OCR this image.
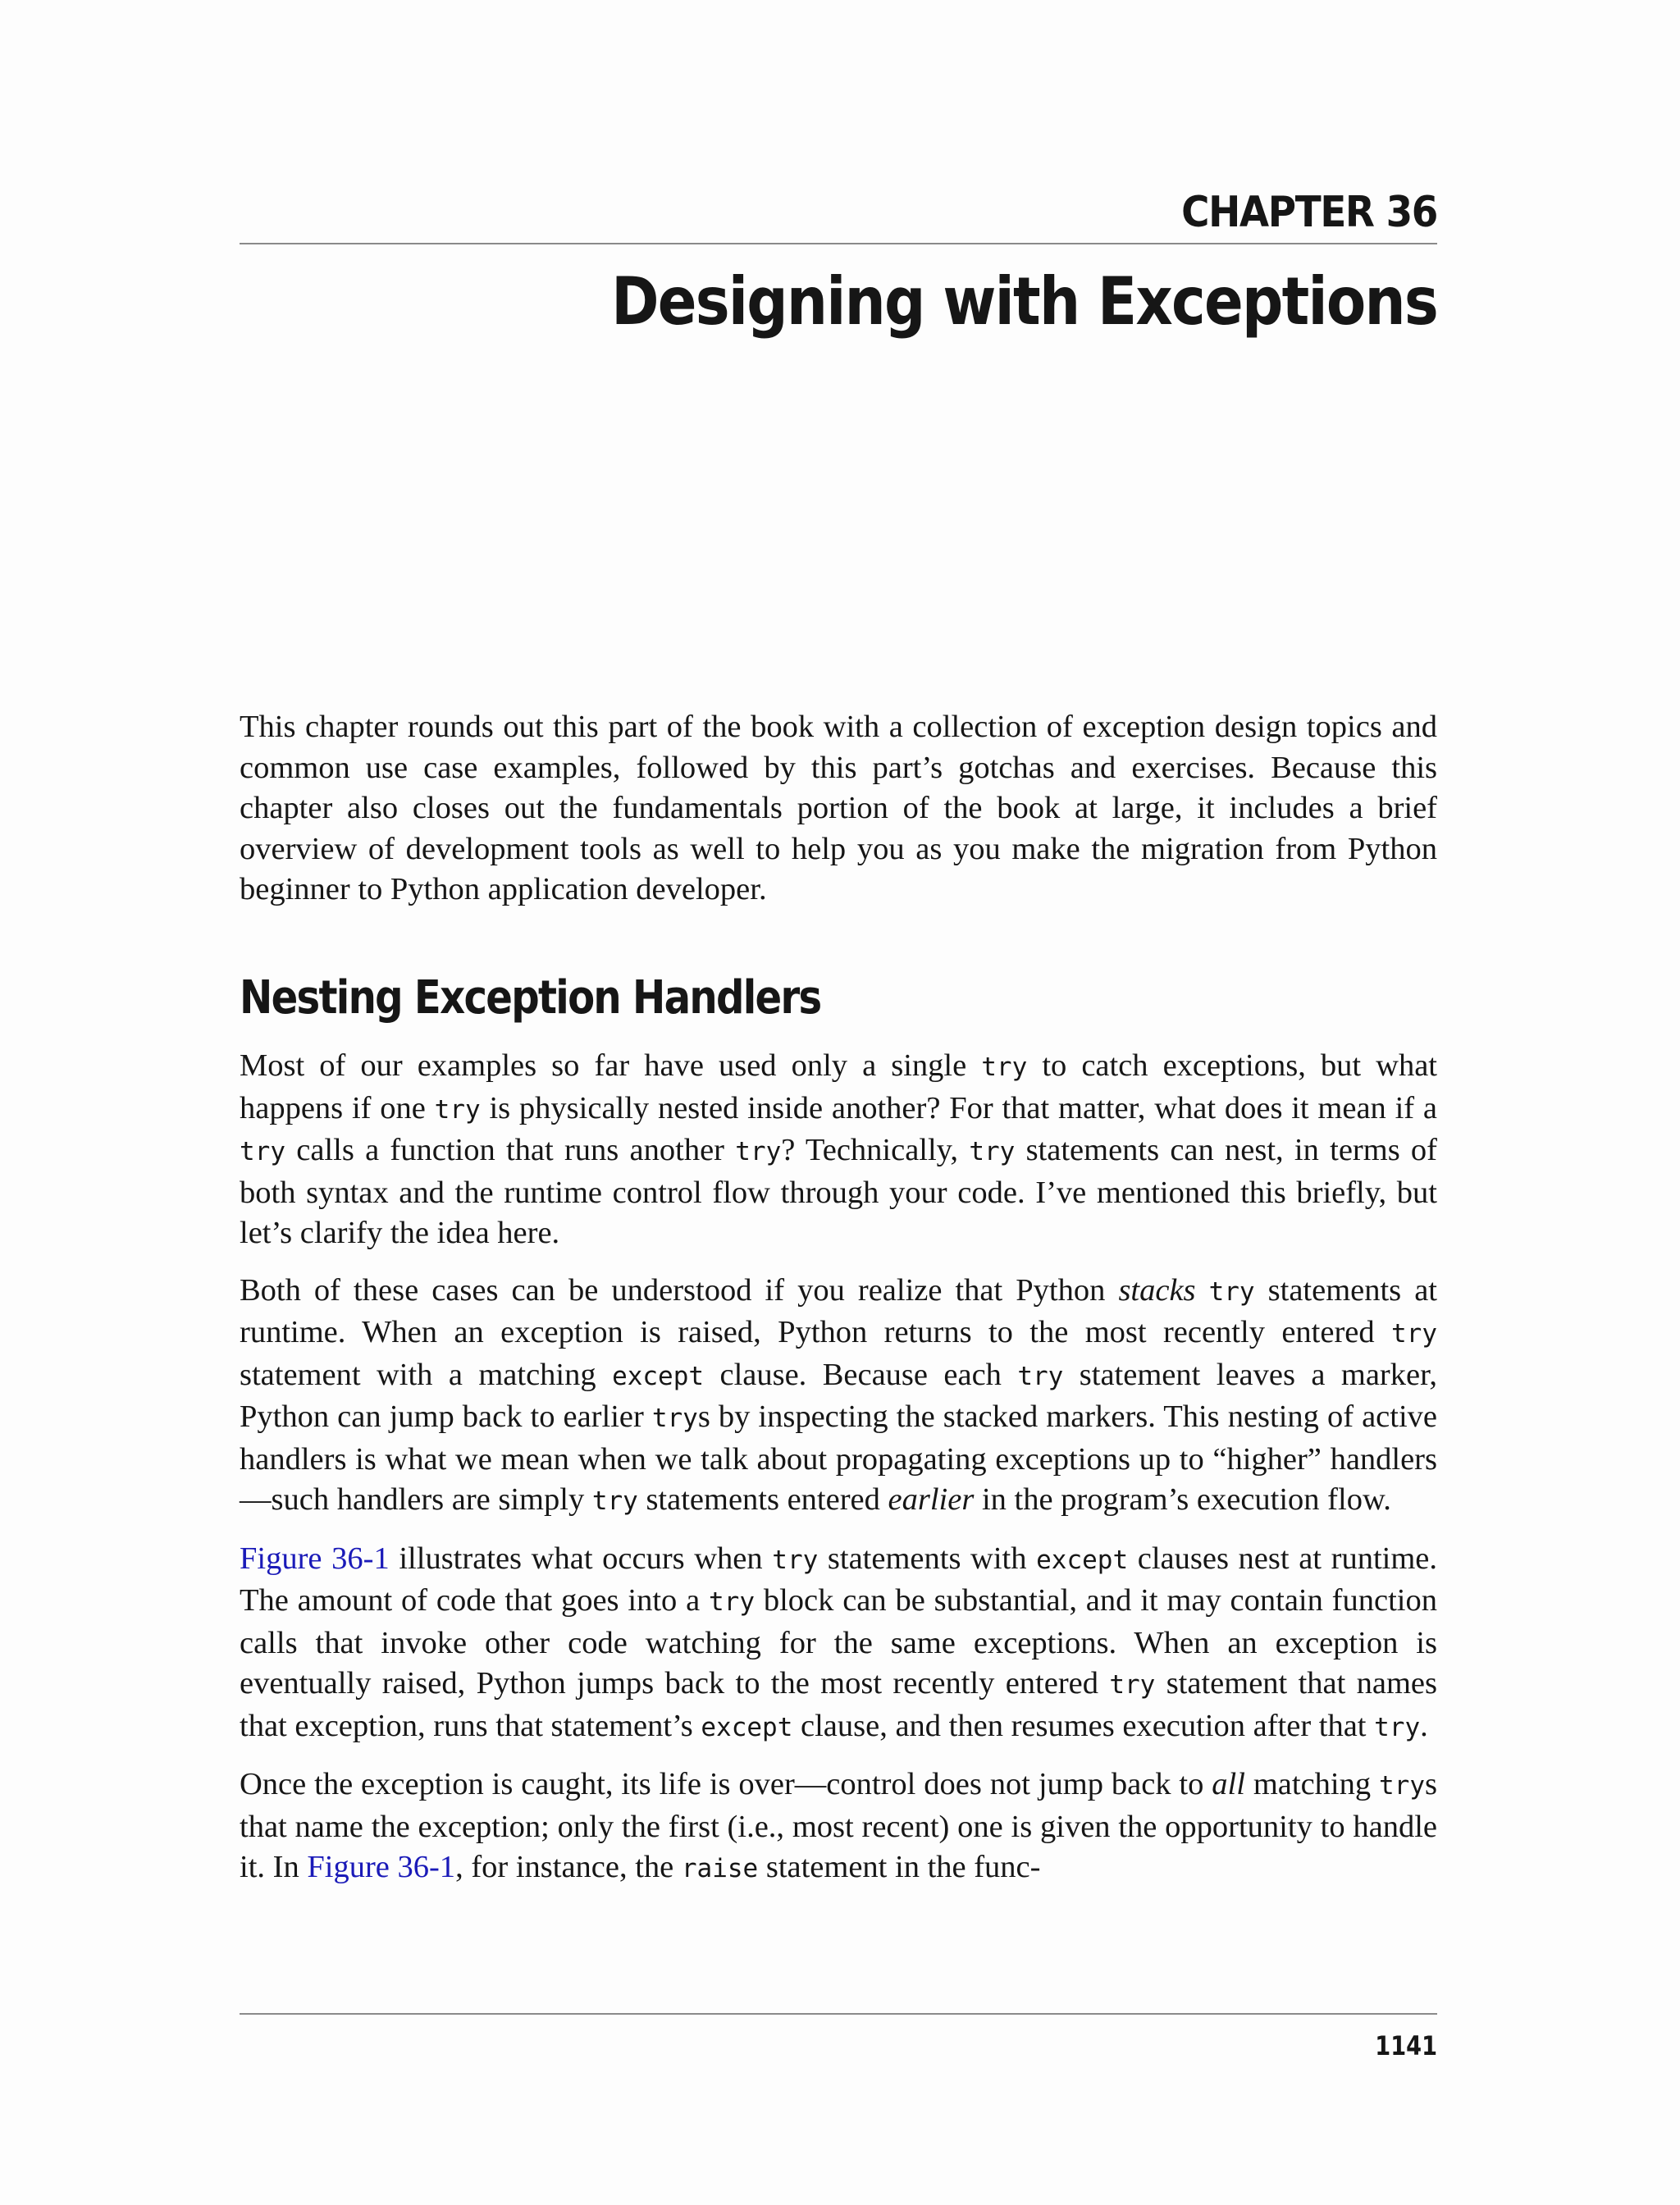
CHAPTER 36
Designing with Exceptions

This chapter rounds out this part of the book with a collection of exception design topics and common use case examples, followed by this part’s gotchas and exercises. Because this chapter also closes out the fundamentals portion of the book at large, it includes a brief overview of development tools as well to help you as you make the migration from Python beginner to Python application developer.

Nesting Exception Handlers

Most of our examples so far have used only a single try to catch exceptions, but what happens if one try is physically nested inside another? For that matter, what does it mean if a try calls a function that runs another try? Technically, try statements can nest, in terms of both syntax and the runtime control flow through your code. I’ve mentioned this briefly, but let’s clarify the idea here.

Both of these cases can be understood if you realize that Python stacks try statements at runtime. When an exception is raised, Python returns to the most recently entered try statement with a matching except clause. Because each try statement leaves a marker, Python can jump back to earlier trys by inspecting the stacked markers. This nesting of active handlers is what we mean when we talk about propagating exceptions up to “higher” handlers—such handlers are simply try statements entered earlier in the program’s execution flow.

Figure 36-1 illustrates what occurs when try statements with except clauses nest at runtime. The amount of code that goes into a try block can be substantial, and it may contain function calls that invoke other code watching for the same exceptions. When an exception is eventually raised, Python jumps back to the most recently entered try statement that names that exception, runs that statement’s except clause, and then resumes execution after that try.

Once the exception is caught, its life is over—control does not jump back to all matching trys that name the exception; only the first (i.e., most recent) one is given the opportunity to handle it. In Figure 36-1, for instance, the raise statement in the func-

1141
